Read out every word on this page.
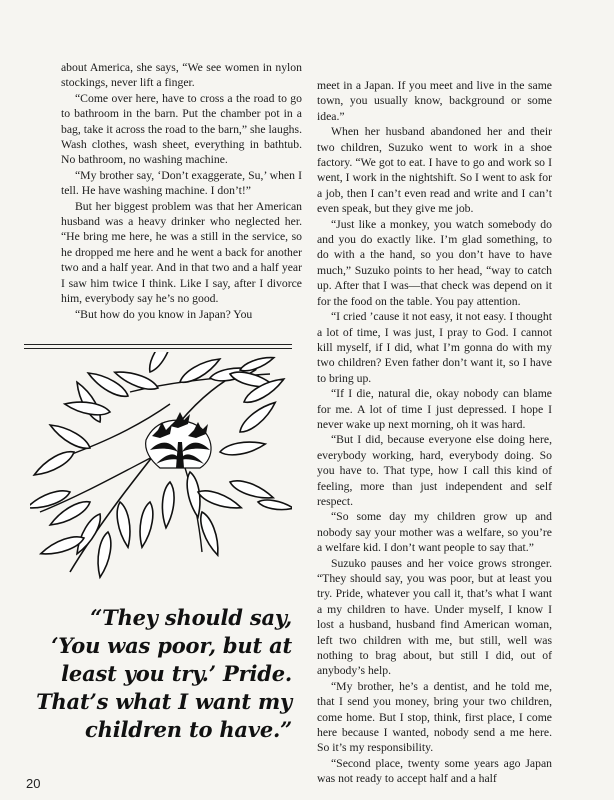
about America, she says, “We see women in nylon stockings, never lift a finger.

“Come over here, have to cross a the road to go to bathroom in the barn. Put the chamber pot in a bag, take it across the road to the barn,” she laughs. Wash clothes, wash sheet, everything in bathtub. No bathroom, no washing machine.

“My brother say, ‘Don’t exaggerate, Su,’ when I tell. He have washing machine. I don’t!”

But her biggest problem was that her American husband was a heavy drinker who neglected her. “He bring me here, he was a still in the service, so he dropped me here and he went a back for another two and a half year. And in that two and a half year I saw him twice I think. Like I say, after I divorce him, everybody say he’s no good.

“But how do you know in Japan? You

“They should say,
‘You was poor, but at
least you try.’ Pride.
That’s what I want my
children to have.”

meet in a Japan. If you meet and live in the same town, you usually know, background or some idea.”

When her husband abandoned her and their two children, Suzuko went to work in a shoe factory. “We got to eat. I have to go and work so I went, I work in the nightshift. So I went to ask for a job, then I can’t even read and write and I can’t even speak, but they give me job.

“Just like a monkey, you watch somebody do and you do exactly like. I’m glad something, to do with a the hand, so you don’t have to have much,” Suzuko points to her head, “way to catch up. After that I was—that check was depend on it for the food on the table. You pay attention.

“I cried ’cause it not easy, it not easy. I thought a lot of time, I was just, I pray to God. I cannot kill myself, if I did, what I’m gonna do with my two children? Even father don’t want it, so I have to bring up.

“If I die, natural die, okay nobody can blame for me. A lot of time I just depressed. I hope I never wake up next morning, oh it was hard.

“But I did, because everyone else doing here, everybody working, hard, everybody doing. So you have to. That type, how I call this kind of feeling, more than just independent and self respect.

“So some day my children grow up and nobody say your mother was a welfare, so you’re a welfare kid. I don’t want people to say that.”

Suzuko pauses and her voice grows stronger. “They should say, you was poor, but at least you try. Pride, whatever you call it, that’s what I want a my children to have. Under myself, I know I lost a husband, husband find American woman, left two children with me, but still, well was nothing to brag about, but still I did, out of anybody’s help.

“My brother, he’s a dentist, and he told me, that I send you money, bring your two children, come home. But I stop, think, first place, I come here because I wanted, nobody send a me here. So it’s my responsibility.

“Second place, twenty some years ago Japan was not ready to accept half and a half

20
